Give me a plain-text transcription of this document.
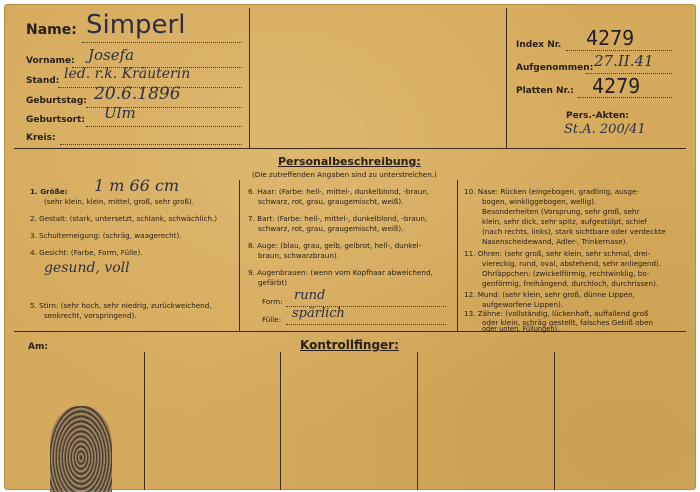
Name: Simperl
Vorname: Josefa
Stand: led. r.k. Kräuterin
Geburtstag: 20.6.1896
Geburtsort: Ulm
Kreis:
Index Nr. 4279
Aufgenommen: 27.II.41
Platten Nr.: 4279
Pers.-Akten:
St.A. 200/41
Personalbeschreibung:
(Die zutreffenden Angaben sind zu unterstreichen.)
1. Größe: 1 m 66 cm
(sehr klein, klein, mittel, groß, sehr groß).
2. Gestalt: (stark, untersetzt, schlank, schwächlich.)
3. Schulterneigung: (schräg, waagerecht).
4. Gesicht: (Farbe, Form, Fülle).
gesund, voll
5. Stirn: (sehr hoch, sehr niedrig, zurückweichend,
senkrecht, vorspringend).
6. Haar: (Farbe: hell-, mittel-, dunkelblond, -braun,
schwarz, rot, grau, graugemischt, weiß).
7. Bart: (Farbe: hell-, mittel-, dunkelblond, -braun,
schwarz, rot, grau, graugemischt, weiß).
8. Auge: (blau, grau, gelb, gelbrot, hell-, dunkel-
braun, schwarzbraun).
9. Augenbrauen: (wenn vom Kopfhaar abweichend,
gefärbt)
Form: rund
Fülle: spärlich
10. Nase: Rücken (eingebogen, gradlinig, ausge-
bogen, winkliggebogen, wellig).
Besonderheiten (Vorsprung, sehr groß, sehr
klein, sehr dick, sehr spitz, aufgestülpt, schief
(nach rechts, links), stark sichtbare oder verdeckte
Nasenscheidewand, Adler-, Trinkernase).
11. Ohren: (sehr groß, sehr klein, sehr schmal, drei-
viereckig, rund, oval, abstehend, sehr anliegend).
Ohrläppchen: (zwickelförmig, rechtwinklig, bo-
genförmig, freihängend, durchloch, durchrissen).
12. Mund: (sehr klein, sehr groß, dünne Lippen,
aufgeworfene Lippen).
13. Zähne: (vollständig, lückenhaft, auffallend groß
oder klein, schräg gestellt, falsches Gebiß oben
oder unten, Füllungen).
Am:	Kontrollfinger:
